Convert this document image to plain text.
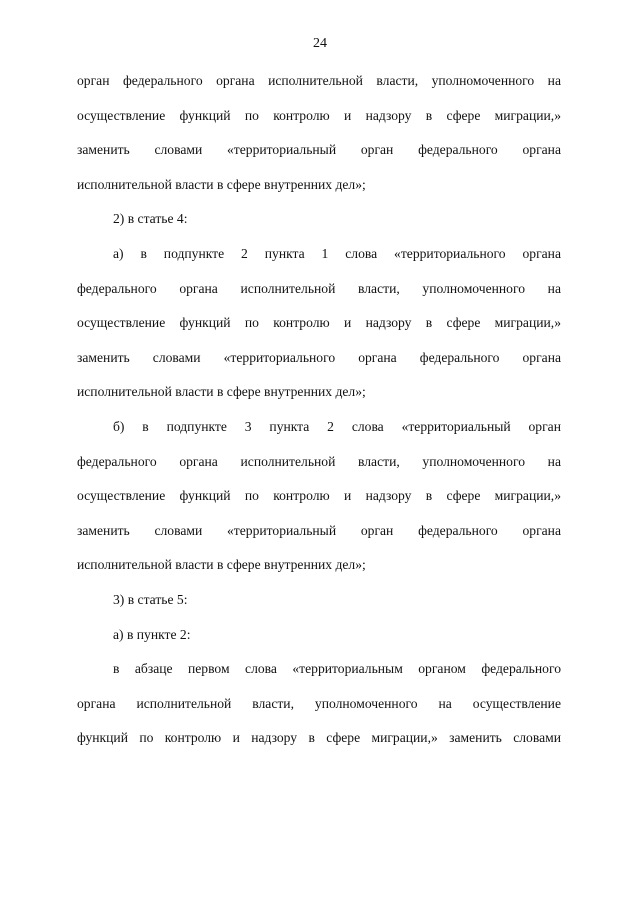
24
орган федерального органа исполнительной власти, уполномоченного на
осуществление функций по контролю и надзору в сфере миграции,»
заменить словами «территориальный орган федерального органа
исполнительной власти в сфере внутренних дел»;
2) в статье 4:
а) в подпункте 2 пункта 1 слова «территориального органа
федерального органа исполнительной власти, уполномоченного на
осуществление функций по контролю и надзору в сфере миграции,»
заменить словами «территориального органа федерального органа
исполнительной власти в сфере внутренних дел»;
б) в подпункте 3 пункта 2 слова «территориальный орган
федерального органа исполнительной власти, уполномоченного на
осуществление функций по контролю и надзору в сфере миграции,»
заменить словами «территориальный орган федерального органа
исполнительной власти в сфере внутренних дел»;
3) в статье 5:
а) в пункте 2:
в абзаце первом слова «территориальным органом федерального
органа исполнительной власти, уполномоченного на осуществление
функций по контролю и надзору в сфере миграции,» заменить словами
